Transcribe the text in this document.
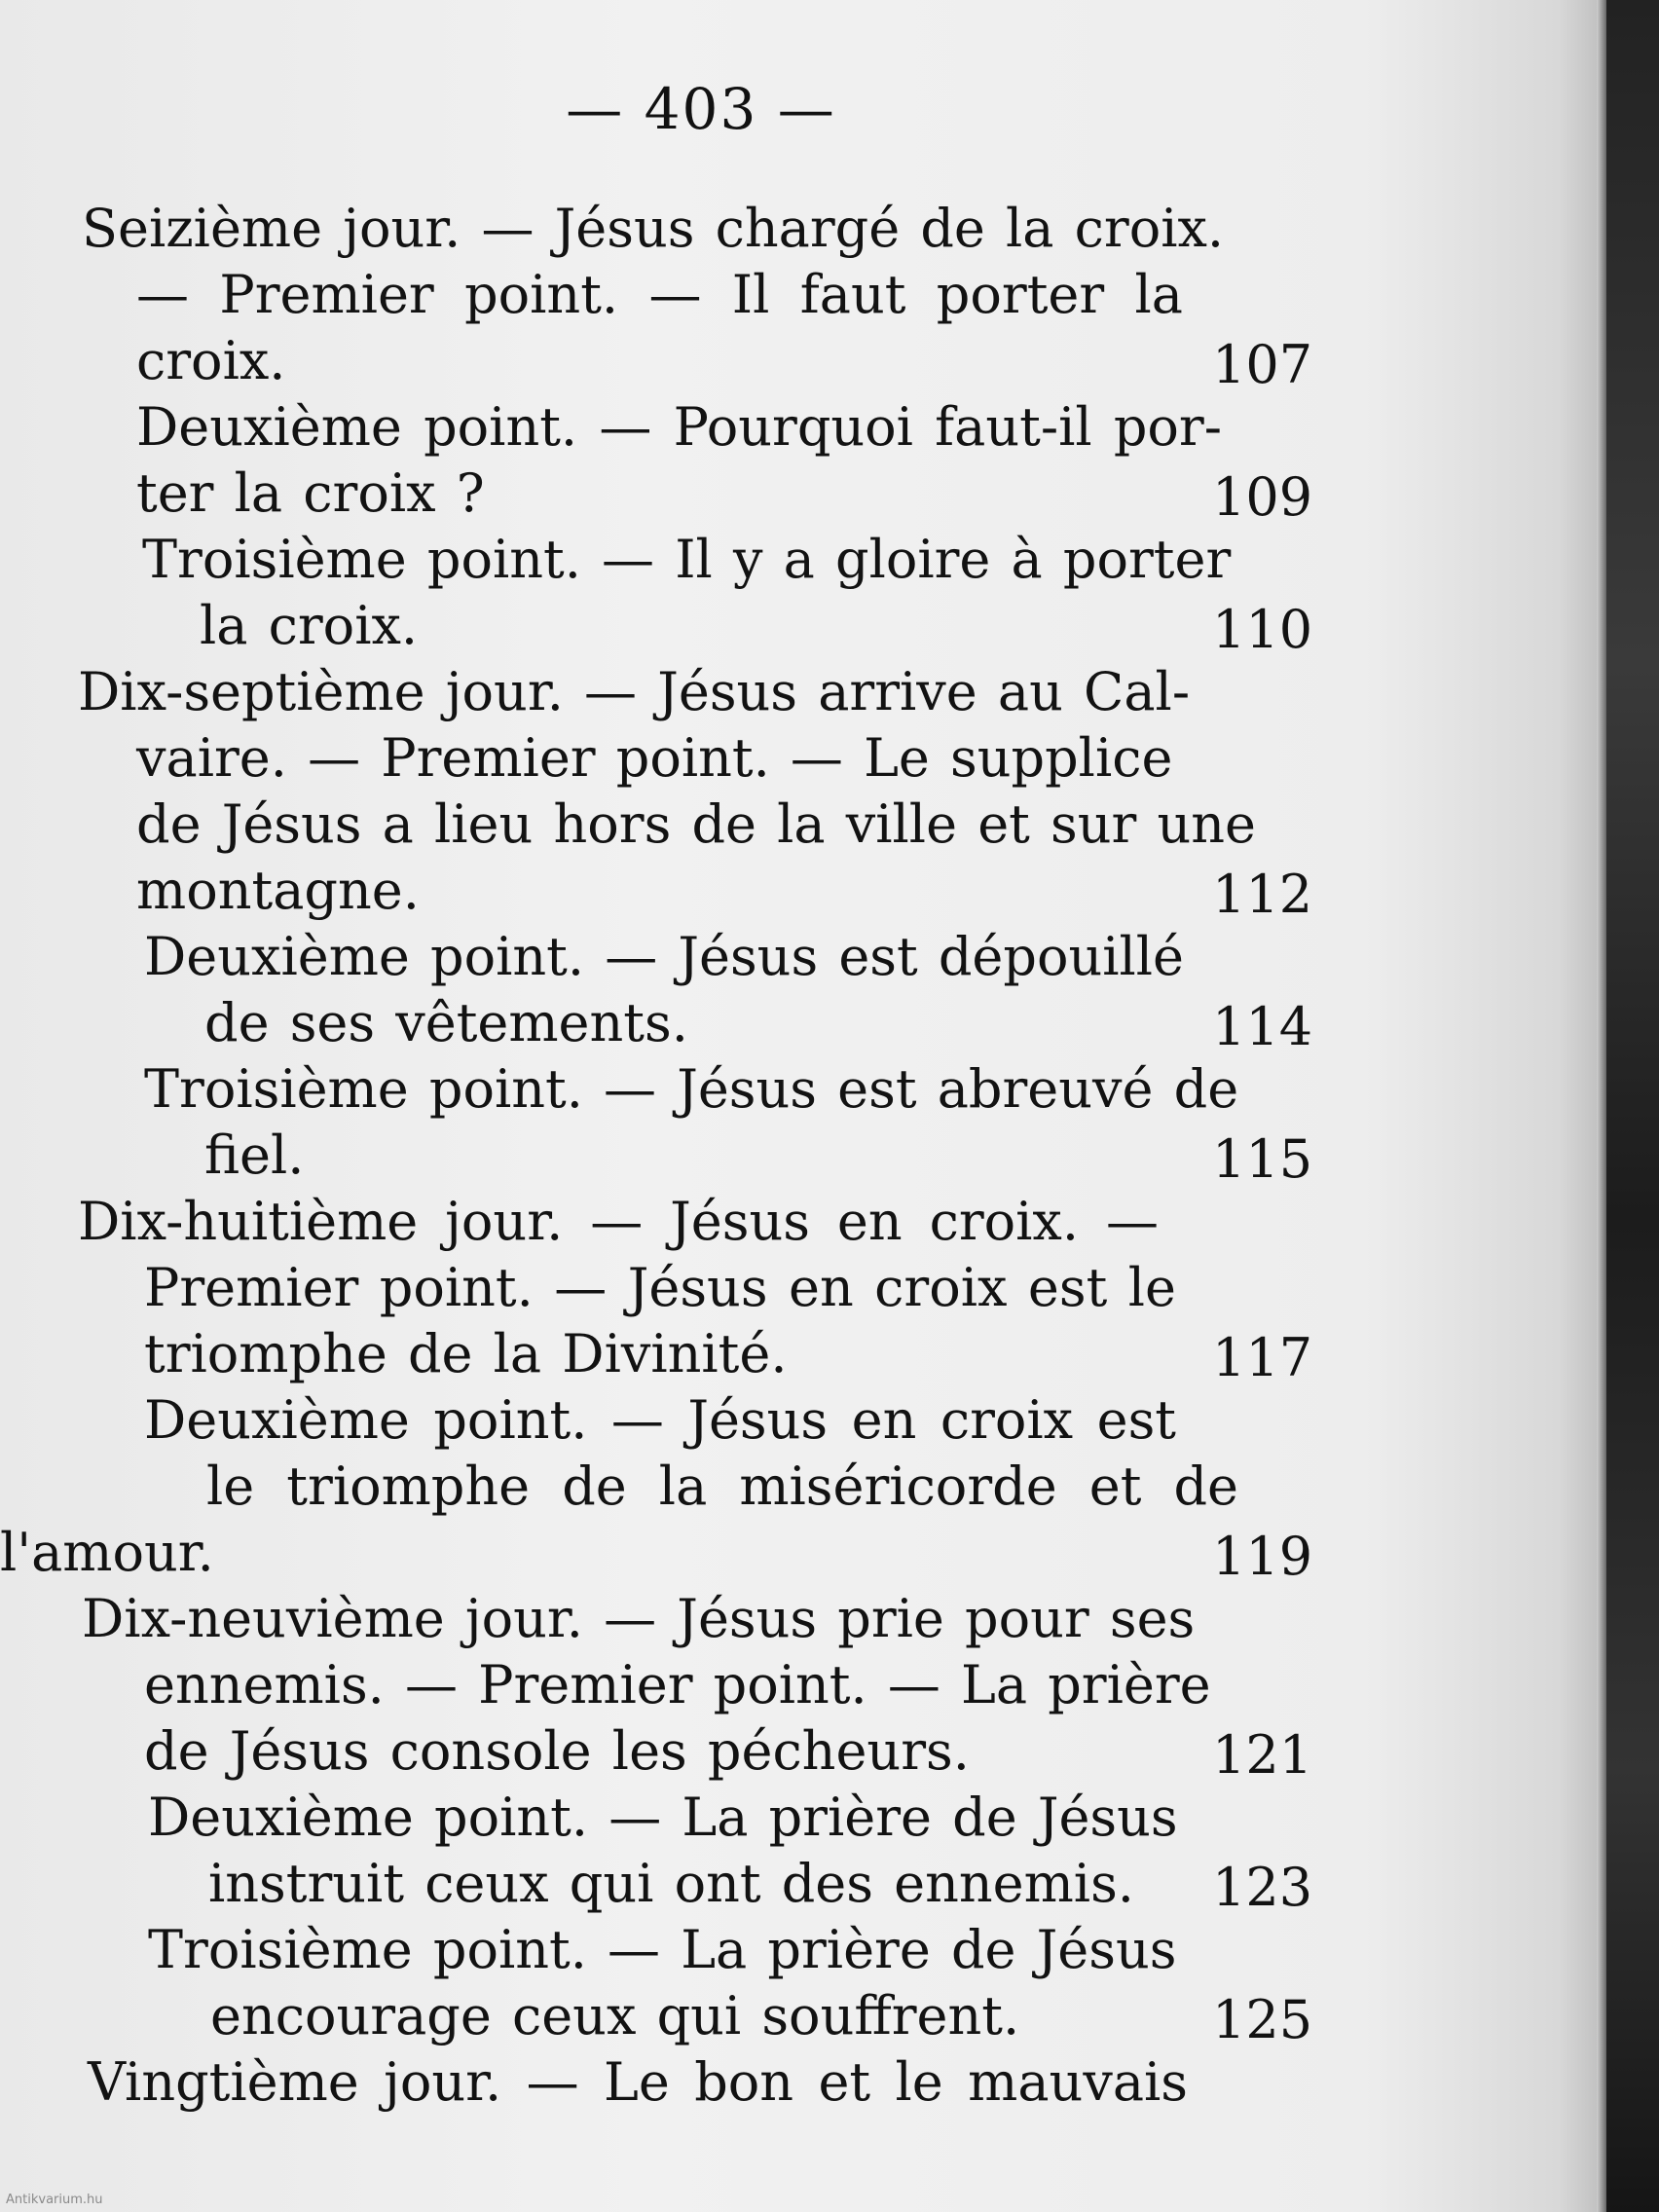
— 403 —
Seizième jour. — Jésus chargé de la croix.
— Premier point. — Il faut porter la
croix.	107
Deuxième point. — Pourquoi faut-il por-
ter la croix ?	109
Troisième point. — Il y a gloire à porter
la croix.	110
Dix-septième jour. — Jésus arrive au Cal-
vaire. — Premier point. — Le supplice
de Jésus a lieu hors de la ville et sur une
montagne.	112
Deuxième point. — Jésus est dépouillé
de ses vêtements.	114
Troisième point. — Jésus est abreuvé de
fiel.	115
Dix-huitième jour. — Jésus en croix. —
Premier point. — Jésus en croix est le
triomphe de la Divinité.	117
Deuxième point. — Jésus en croix est
le triomphe de la miséricorde et de
l'amour.	119
Dix-neuvième jour. — Jésus prie pour ses
ennemis. — Premier point. — La prière
de Jésus console les pécheurs.	121
Deuxième point. — La prière de Jésus
instruit ceux qui ont des ennemis. 123
Troisième point. — La prière de Jésus
encourage ceux qui souffrent.	125
Vingtième jour. — Le bon et le mauvais
Antikvarium.hu
